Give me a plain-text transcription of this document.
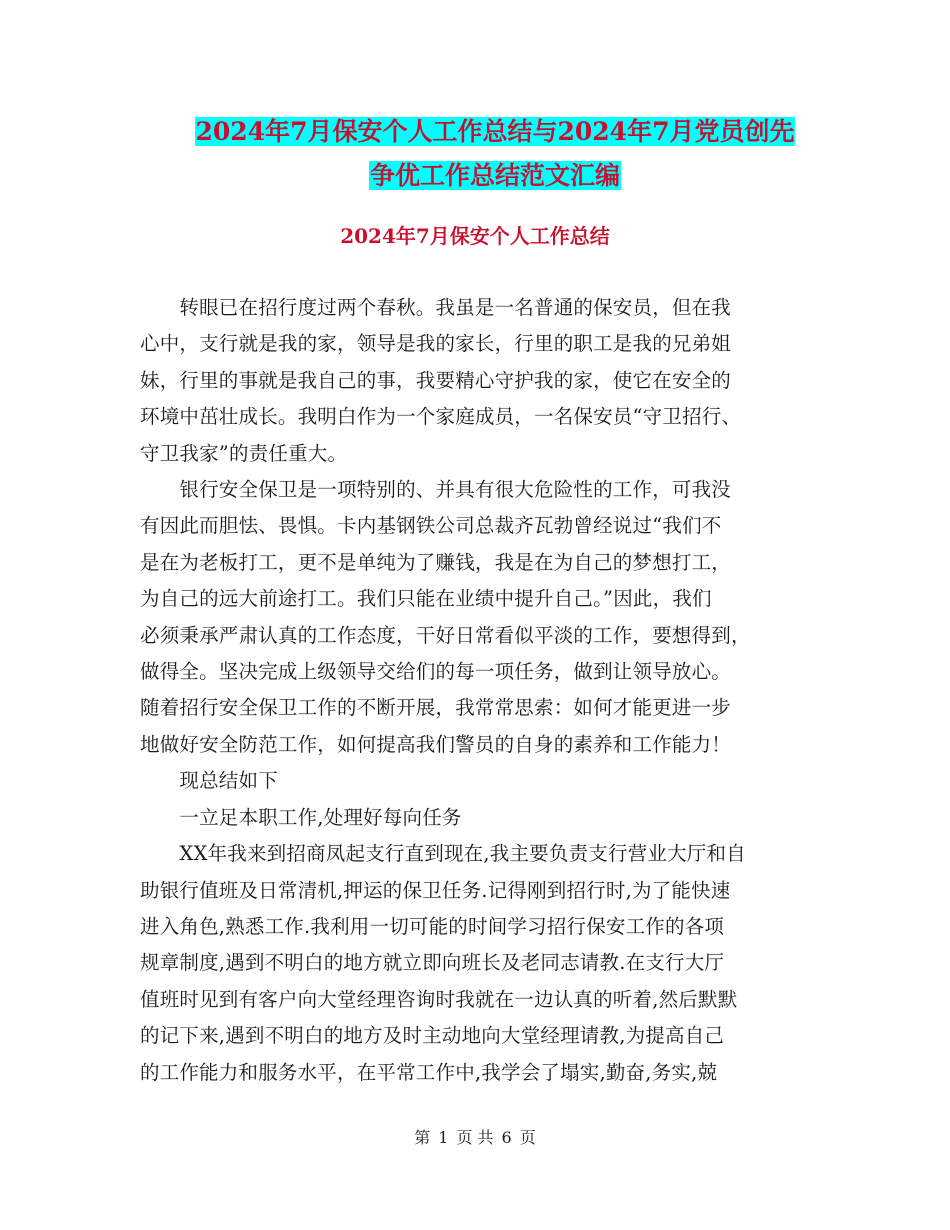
2024年7月保安个人工作总结与2024年7月党员创先
争优工作总结范文汇编
2024年7月保安个人工作总结

　　转眼已在招行度过两个春秋。我虽是一名普通的保安员，但在我

心中，支行就是我的家，领导是我的家长，行里的职工是我的兄弟姐

妹，行里的事就是我自己的事，我要精心守护我的家，使它在安全的

环境中茁壮成长。我明白作为一个家庭成员，一名保安员“守卫招行、

守卫我家”的责任重大。

　　银行安全保卫是一项特别的、并具有很大危险性的工作，可我没

有因此而胆怯、畏惧。卡内基钢铁公司总裁齐瓦勃曾经说过“我们不

是在为老板打工，更不是单纯为了赚钱，我是在为自己的梦想打工，

为自己的远大前途打工。我们只能在业绩中提升自己。”因此，我们

必须秉承严肃认真的工作态度，干好日常看似平淡的工作，要想得到，

做得全。坚决完成上级领导交给们的每一项任务，做到让领导放心。

随着招行安全保卫工作的不断开展，我常常思索：如何才能更进一步

地做好安全防范工作，如何提高我们警员的自身的素养和工作能力！

　　现总结如下

　　一立足本职工作,处理好每向任务

　　XX年我来到招商凤起支行直到现在,我主要负责支行营业大厅和自

助银行值班及日常清机,押运的保卫任务.记得刚到招行时,为了能快速

进入角色,熟悉工作.我利用一切可能的时间学习招行保安工作的各项

规章制度,遇到不明白的地方就立即向班长及老同志请教.在支行大厅

值班时见到有客户向大堂经理咨询时我就在一边认真的听着,然后默默

的记下来,遇到不明白的地方及时主动地向大堂经理请教,为提高自己

的工作能力和服务水平，在平常工作中,我学会了塌实,勤奋,务实,兢

第 1 页 共 6 页
